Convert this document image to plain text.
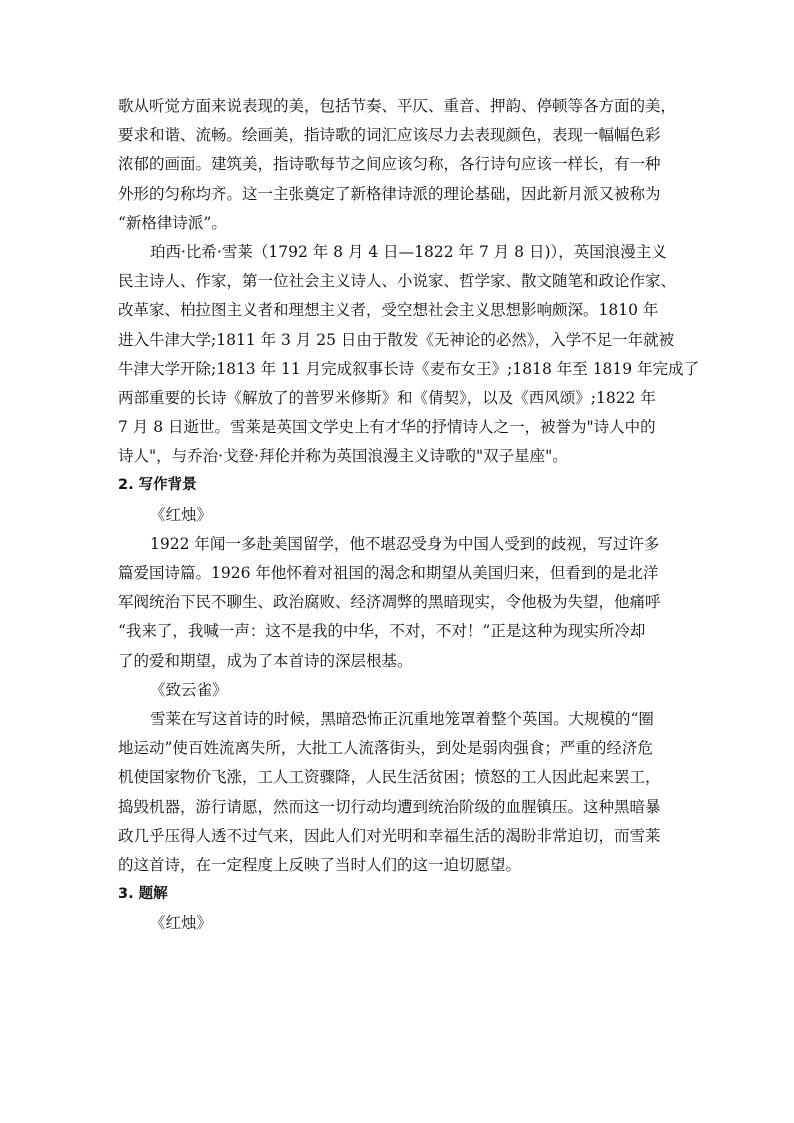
歌从听觉方面来说表现的美，包括节奏、平仄、重音、押韵、停顿等各方面的美，
要求和谐、流畅。绘画美，指诗歌的词汇应该尽力去表现颜色，表现一幅幅色彩
浓郁的画面。建筑美，指诗歌每节之间应该匀称，各行诗句应该一样长，有一种
外形的匀称均齐。这一主张奠定了新格律诗派的理论基础，因此新月派又被称为
“新格律诗派”。
珀西·比希·雪莱（1792 年 8 月 4 日—1822 年 7 月 8 日)），英国浪漫主义
民主诗人、作家，第一位社会主义诗人、小说家、哲学家、散文随笔和政论作家、
改革家、柏拉图主义者和理想主义者，受空想社会主义思想影响颇深。1810 年
进入牛津大学;1811 年 3 月 25 日由于散发《无神论的必然》，入学不足一年就被
牛津大学开除;1813 年 11 月完成叙事长诗《麦布女王》;1818 年至 1819 年完成了
两部重要的长诗《解放了的普罗米修斯》和《倩契》，以及《西风颂》;1822 年
7 月 8 日逝世。雪莱是英国文学史上有才华的抒情诗人之一，被誉为"诗人中的
诗人"，与乔治·戈登·拜伦并称为英国浪漫主义诗歌的"双子星座"。
2. 写作背景
《红烛》
1922 年闻一多赴美国留学，他不堪忍受身为中国人受到的歧视，写过许多
篇爱国诗篇。1926 年他怀着对祖国的渴念和期望从美国归来，但看到的是北洋
军阀统治下民不聊生、政治腐败、经济凋弊的黑暗现实，令他极为失望，他痛呼
“我来了，我喊一声：这不是我的中华，不对，不对！”正是这种为现实所冷却
了的爱和期望，成为了本首诗的深层根基。
《致云雀》
雪莱在写这首诗的时候，黑暗恐怖正沉重地笼罩着整个英国。大规模的“圈
地运动”使百姓流离失所，大批工人流落街头，到处是弱肉强食；严重的经济危
机使国家物价飞涨，工人工资骤降，人民生活贫困；愤怒的工人因此起来罢工，
捣毁机器，游行请愿，然而这一切行动均遭到统治阶级的血腥镇压。这种黑暗暴
政几乎压得人透不过气来，因此人们对光明和幸福生活的渴盼非常迫切，而雪莱
的这首诗，在一定程度上反映了当时人们的这一迫切愿望。
3. 题解
《红烛》
